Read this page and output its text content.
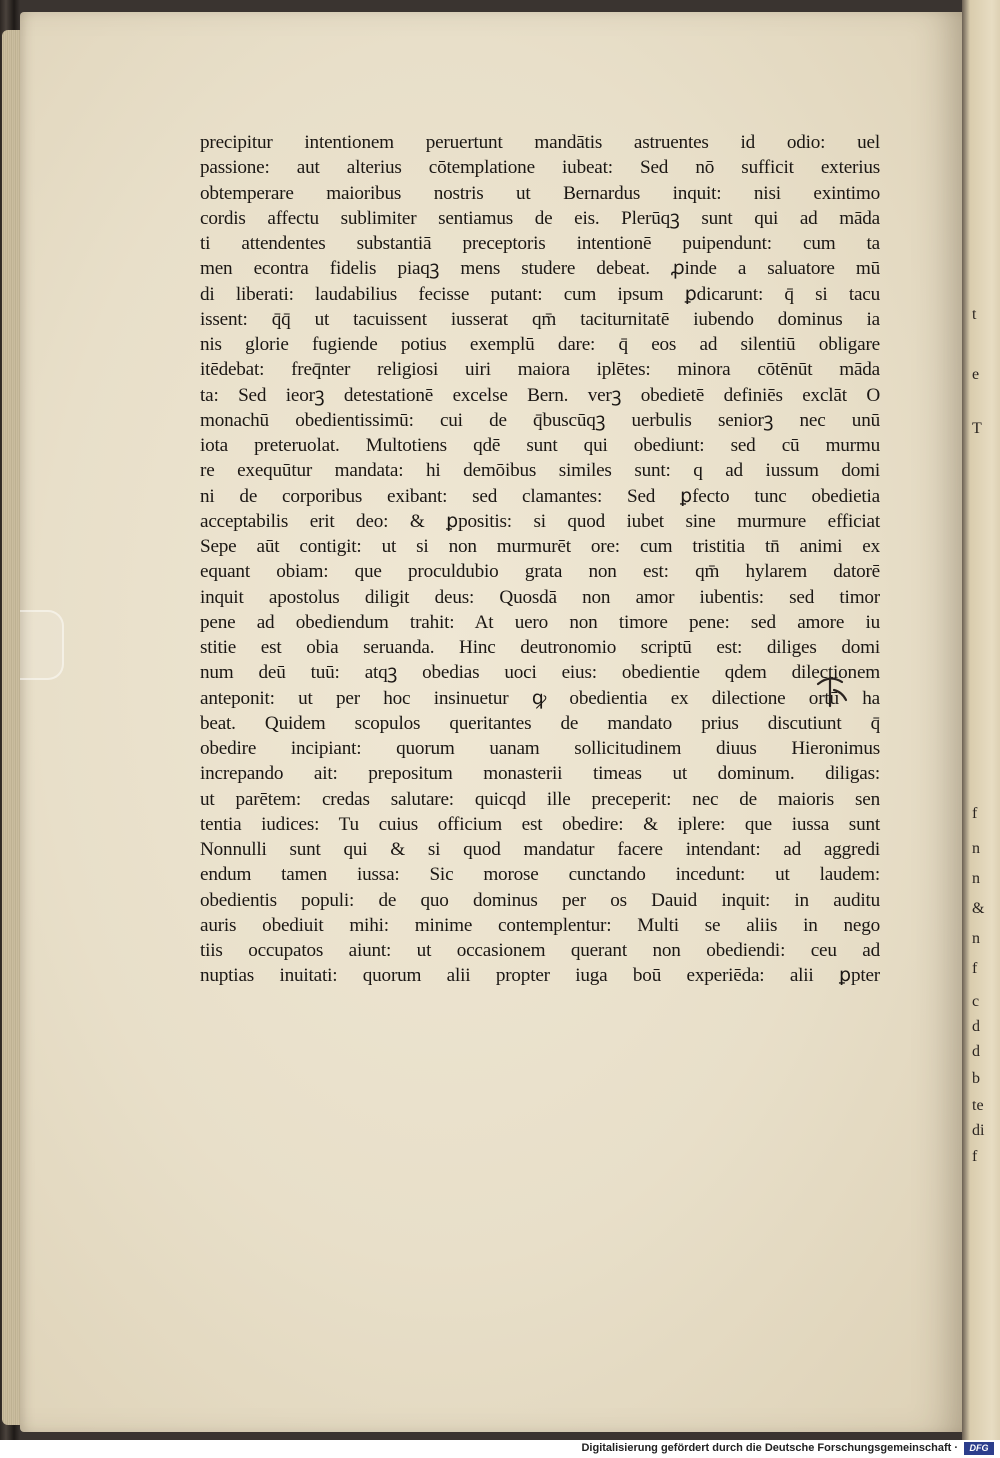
t
e
T
f
n
n
&
n
f
c
d
d
b
te
di
f
precipitur intentionem peruertunt mandātis astruentes id odio: uel
passione: aut alterius cōtemplatione iubeat: Sed nō sufficit exterius
obtemperare maioribus nostris ut Bernardus inquit: nisi exintimo
cordis affectu sublimiter sentiamus de eis. Plerūqꝫ sunt qui ad māda
ti attendentes substantiā preceptoris intentionē puipendunt: cum ta
men econtra fidelis piaqꝫ mens studere debeat. ꝓinde a saluatore mū
di liberati: laudabilius fecisse putant: cum ipsum ꝑdicarunt: q̄ si tacu
issent: q̄q̄ ut tacuissent iusserat qm̄ taciturnitatē iubendo dominus ia
nis glorie fugiende potius exemplū dare: q̄ eos ad silentiū obligare
itēdebat: freq̄nter religiosi uiri maiora iplētes: minora cōtēnūt māda
ta: Sed ieorꝫ detestationē excelse Bern. verꝫ obedietē definiēs exclāt O
monachū obedientissimū: cui de q̄buscūqꝫ uerbulis seniorꝫ nec unū
iota preteruolat. Multotiens qdē sunt qui obediunt: sed cū murmu
re exequūtur mandata: hi demōibus similes sunt: q ad iussum domi
ni de corporibus exibant: sed clamantes: Sed ꝑfecto tunc obedietia
acceptabilis erit deo: & ꝑpositis: si quod iubet sine murmure efficiat
Sepe aūt contigit: ut si non murmurēt ore: cum tristitia tn̄ animi ex
equant obiam: que proculdubio grata non est: qm̄ hylarem datorē
inquit apostolus diligit deus: Quosdā non amor iubentis: sed timor
pene ad obediendum trahit: At uero non timore pene: sed amore iu
stitie est obia seruanda. Hinc deutronomio scriptū est: diliges domi
num deū tuū: atqꝫ obedias uoci eius: obedientie qdem dilectionem
anteponit: ut per hoc insinuetur ꝙ obedientia ex dilectione ortū ha
beat. Quidem scopulos queritantes de mandato prius discutiunt q̄
obedire incipiant: quorum uanam sollicitudinem diuus Hieronimus
increpando ait: prepositum monasterii timeas ut dominum. diligas:
ut parētem: credas salutare: quicqd ille preceperit: nec de maioris sen
tentia iudices: Tu cuius officium est obedire: & iplere: que iussa sunt
Nonnulli sunt qui & si quod mandatur facere intendant: ad aggredi
endum tamen iussa: Sic morose cunctando incedunt: ut laudem:
obedientis populi: de quo dominus per os Dauid inquit: in auditu
auris obediuit mihi: minime contemplentur: Multi se aliis in nego
tiis occupatos aiunt: ut occasionem querant non obediendi: ceu ad
nuptias inuitati: quorum alii propter iuga boū experiēda: alii ꝑpter
Digitalisierung gefördert durch die Deutsche Forschungsgemeinschaft ·	DFG
